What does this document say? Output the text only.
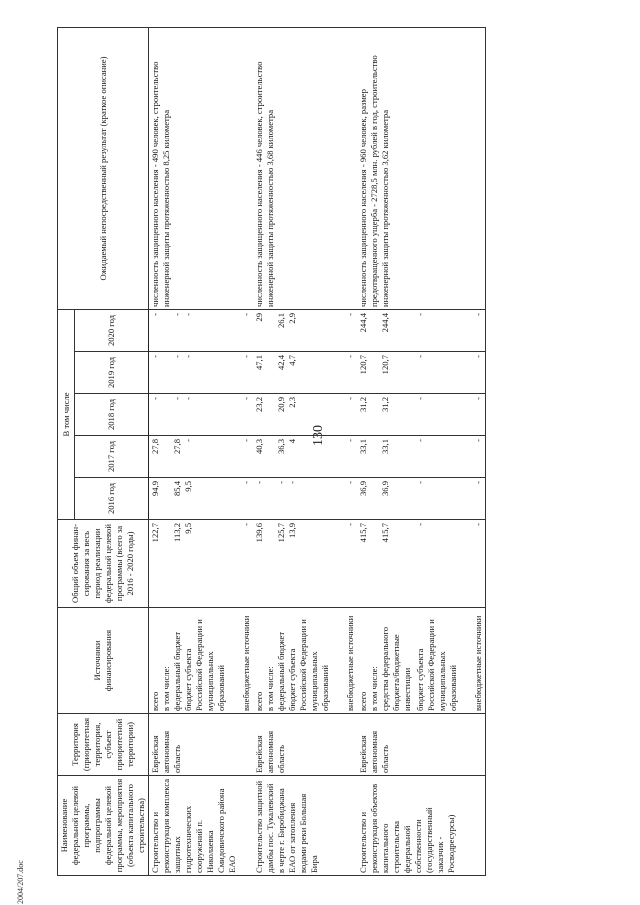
130
Наименование федеральной целевой программы, подпрограммы федеральной целевой программы, мероприятия (объекта капитального строительства)	Территория (приоритетная территория, субъект приоритетной территории)	Источники финансирования	Общий объем финан-сирования за весь период реализации федеральной целевой программы (всего за 2016 - 2020 годы)	В том числе					Ожидаемый непосредственный результат (краткое описание)
				2016 год	2017 год	2018 год	2019 год	2020 год	
Строительство и реконструкция комплекса защитных гидротехнических сооружений п. Николаевка Смидовичского района ЕАО	Еврейская автономная область	всего в том числе: федеральный бюджет бюджет субъекта Российской Федерации и муниципальных образований внебюджетные источники	122,7 113,2 9,5 -	94,9 85,4 9,5 -	27,8 27,8 - -	- - - -	- - - -	- - - -	численность защищенного населения - 490 человек, строительство инженерной защиты протяженностью 8,25 километра
Строительство защитной дамбы пос. Тукалевский в черте г. Биробиджана ЕАО от затопления водами реки Большая Бира	Еврейская автономная область	всего в том числе: федеральный бюджет бюджет субъекта Российской Федерации и муниципальных образований внебюджетные источники	139,6 125,7 13,9 -	- - - -	40,3 36,3 4 -	23,2 20,9 2,3 -	47,1 42,4 4,7 -	29 26,1 2,9 -	численность защищенного населения - 446 человек, строительство инженерной защиты протяженностью 3,68 километра
Строительство и реконструкция объектов капитального строительства федеральной собственности (государственный заказчик - Росводресурсы)	Еврейская автономная область	всего в том числе: средства федерального бюджета/бюджетные инвестиции бюджет субъекта Российской Федерации и муниципальных образований внебюджетные источники	415,7 415,7 - -	36,9 36,9 - -	33,1 33,1 - -	31,2 31,2 - -	120,7 120,7 - -	244,4 244,4 - -	численность защищенного населения - 960 человек, размер предотвращенного ущерба - 2728,5 млн. рублей в год, строительство инженерной защиты протяженностью 3,62 километра
2004/207.doc
